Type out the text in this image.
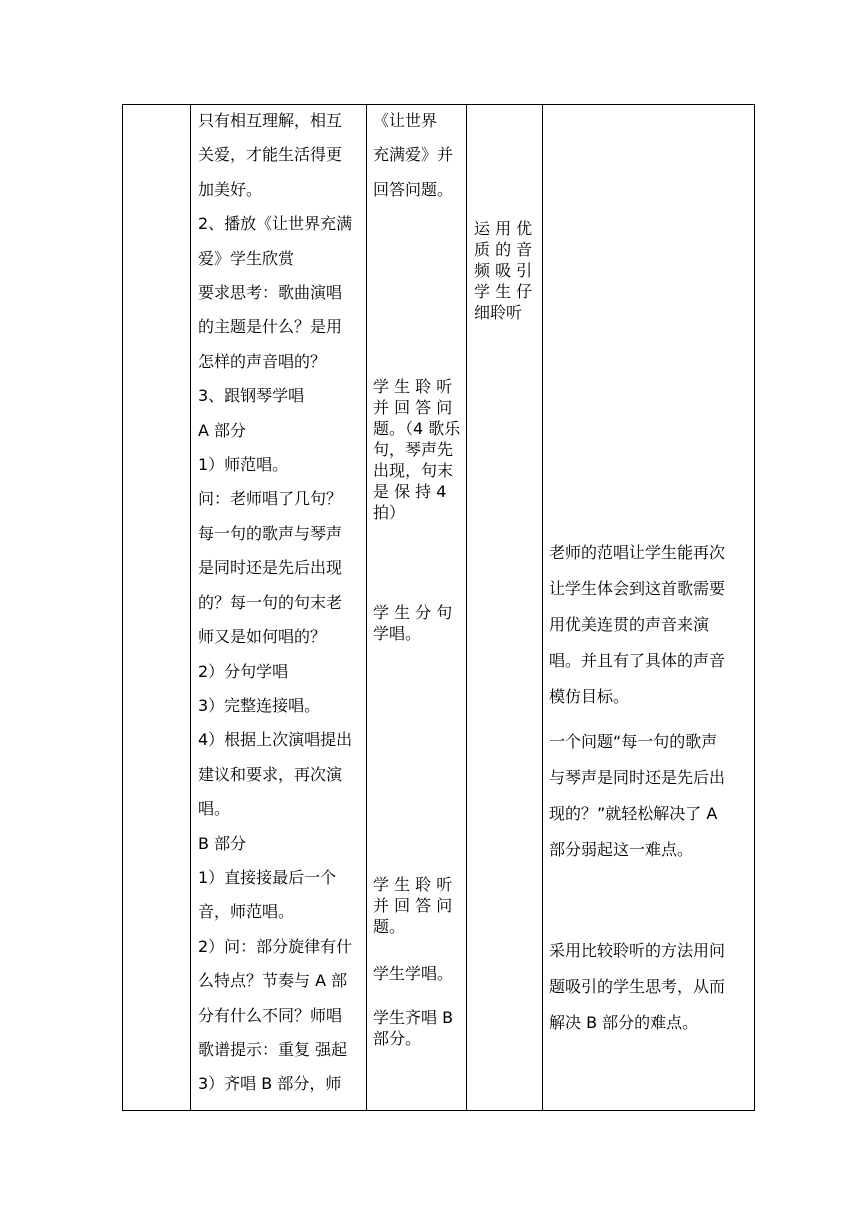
只有相互理解，相互

关爱，才能生活得更

加美好。

2、播放《让世界充满

爱》学生欣赏

要求思考：歌曲演唱

的主题是什么？是用

怎样的声音唱的？

3、跟钢琴学唱

A 部分

1）师范唱。

问：老师唱了几句？

每一句的歌声与琴声

是同时还是先后出现

的？每一句的句末老

师又是如何唱的？

2）分句学唱

3）完整连接唱。

4）根据上次演唱提出

建议和要求，再次演

唱。

B 部分

1）直接接最后一个

音，师范唱。

2）问：部分旋律有什

么特点？节奏与 A 部

分有什么不同？师唱

歌谱提示：重复 强起

3）齐唱 B 部分，师

《让世界

充满爱》并

回答问题。

学 生 聆 听

并 回 答 问

题。（4 歌乐

句，琴声先

出现，句末

是 保 持 4

拍）

学 生 分 句

学唱。

学 生 聆 听

并 回 答 问

题。

学生学唱。

学生齐唱 B

部分。

运 用 优

质 的 音

频 吸 引

学 生 仔

细聆听

老师的范唱让学生能再次

让学生体会到这首歌需要

用优美连贯的声音来演

唱。并且有了具体的声音

模仿目标。

一个问题“每一句的歌声

与琴声是同时还是先后出

现的？”就轻松解决了 A

部分弱起这一难点。

采用比较聆听的方法用问

题吸引的学生思考，从而

解决 B 部分的难点。
